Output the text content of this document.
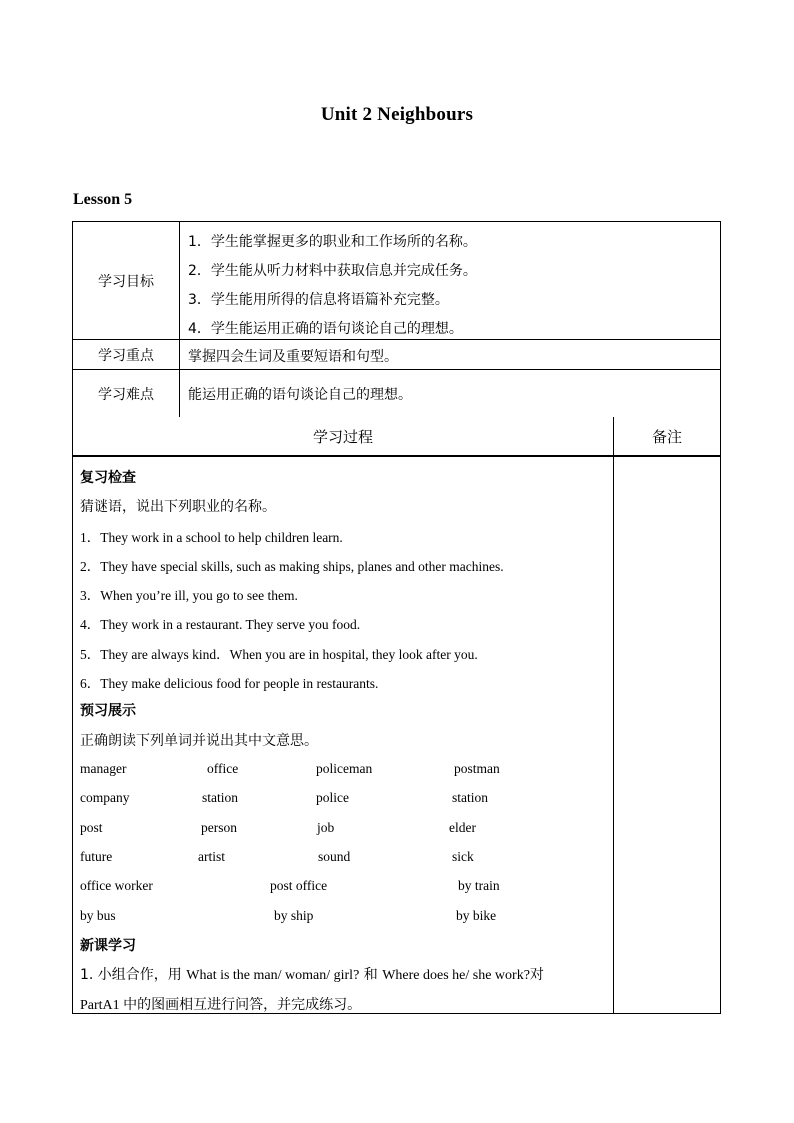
Unit 2 Neighbours
Lesson 5
学习目标
1．学生能掌握更多的职业和工作场所的名称。
2．学生能从听力材料中获取信息并完成任务。
3．学生能用所得的信息将语篇补充完整。
4．学生能运用正确的语句谈论自己的理想。
学习重点	掌握四会生词及重要短语和句型。
学习难点	能运用正确的语句谈论自己的理想。
学习过程	备注
复习检查
猜谜语，说出下列职业的名称。
1．They work in a school to help children learn.
2．They have special skills, such as making ships, planes and other machines.
3．When you’re ill, you go to see them.
4．They work in a restaurant. They serve you food.
5．They are always kind．When you are in hospital, they look after you.
6．They make delicious food for people in restaurants.
预习展示
正确朗读下列单词并说出其中文意思。
manager	office	policeman	postman
company	station	police	station
post	person	job	elder
future	artist	sound	sick
office worker	post office	by train
by bus	by ship	by bike
新课学习
1. 小组合作，用 What is the man/ woman/ girl? 和 Where does he/ she work?对
PartA1 中的图画相互进行问答，并完成练习。
